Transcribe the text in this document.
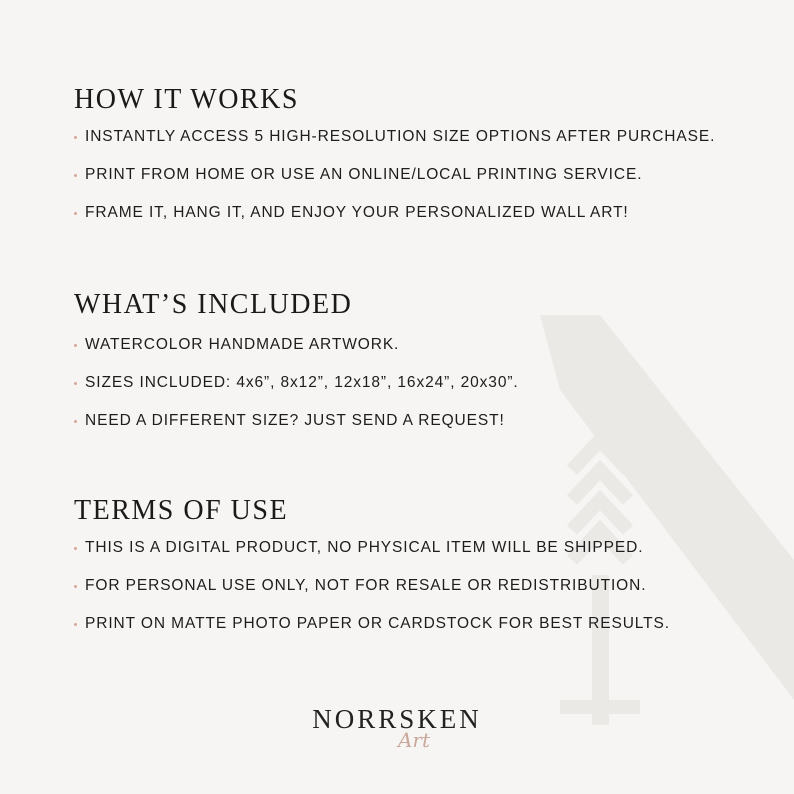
HOW IT WORKS
INSTANTLY ACCESS 5 HIGH-RESOLUTION SIZE OPTIONS AFTER PURCHASE.
PRINT FROM HOME OR USE AN ONLINE/LOCAL PRINTING SERVICE.
FRAME IT, HANG IT, AND ENJOY YOUR PERSONALIZED WALL ART!
WHAT’S INCLUDED
WATERCOLOR HANDMADE ARTWORK.
SIZES INCLUDED: 4x6”, 8x12”, 12x18”, 16x24”, 20x30”.
NEED A DIFFERENT SIZE? JUST SEND A REQUEST!
TERMS OF USE
THIS IS A DIGITAL PRODUCT, NO PHYSICAL ITEM WILL BE SHIPPED.
FOR PERSONAL USE ONLY, NOT FOR RESALE OR REDISTRIBUTION.
PRINT ON MATTE PHOTO PAPER OR CARDSTOCK FOR BEST RESULTS.
NORRSKEN
Art
